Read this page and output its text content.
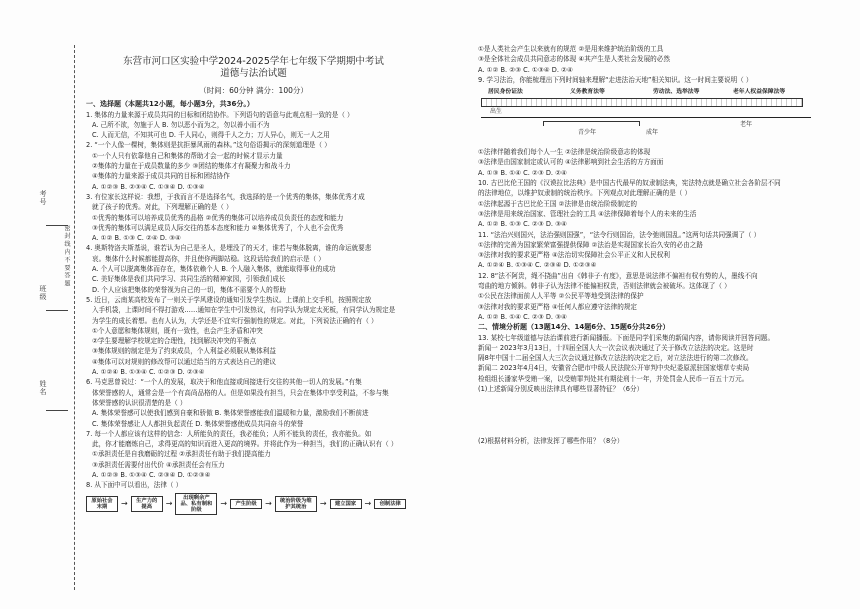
考号
班级
姓名
密 封 线 内 不 要 答 题
东营市河口区实验中学2024-2025学年七年级下学期期中考试
道德与法治试题
（时间：60分钟 满分：100分）
一、选择题（本题共12小题，每小题3分，共36分。）
1. 集体的力量来源于成员共同的目标和团结协作。下列语句的语意与此观点相一致的是（ ）
A. 己所不欲，勿施于人 B. 勿以恶小而为之，勿以善小而不为
C. 人而无信，不知其可也 D. 千人同心，则得千人之力；万人异心，则无一人之用
2. “一个人像一棵树，集体则是抗拒暴风雨的森林。”这句俗语揭示的深刻道理是（ ）
①一个人只有依靠他自己和集体的帮助才会一起的时候才显示力量
②集体的力量在于成员数量的多少 ③团结的集体才有凝聚力和战斗力
④集体的力量来源于成员共同的目标和团结协作
A. ①②③ B. ②③④ C. ①③④ D. ①③④
3. 有位家长这样说：我想，于我而言不是选择名气，我选择的是一个优秀的集体，集体优秀才成
就了孩子的优秀。对此，下列理解正确的是（ ）
①优秀的集体可以培养成员优秀的品格 ②优秀的集体可以培养成员负责任的态度和能力
③优秀的集体可以满足成员人际交往的基本态度和能力 ④集体优秀了，个人也不会优秀
A. ①② B. ①③ C. ②④ D. ③④
4. 奥斯特洛夫斯基说，谁若认为自己是圣人，是埋没了的天才，谁若与集体脱离，谁的命运就要悲
哀。集体什么时候都能提高你，并且使你两脚站稳。这段话给我们的启示是（ ）
A. 个人可以脱离集体而存在，集体依赖个人 B. 个人融入集体，就能取得事业的成功
C. 美好集体是我们共同学习、共同生活的精神家园，引领我们成长
D. 个人应该把集体的荣誉视为自己的一切，集体不需要个人的帮助
5. 近日，云南某高校发布了一则关于学风建设的通知引发学生热议。上课前上交手机，按照规定放
入手机袋，上课时间不得打游戏……通知在学生中引发热议，有同学认为规定太死板，有同学认为规定是
为学生的成长着想。也有人认为，大学还是不宜实行强制性的规定。对此，下列说法正确的有（ ）
①个人意愿和集体规则，既有一致性，也会产生矛盾和冲突
②学生要理解学校规定的合理性，找到解决冲突的平衡点
③集体规则的制定是为了约束成员，个人利益必须服从集体利益
④集体可以对规则的修改帮可以通过给当的方式表达自己的建议
A. ①②④ B. ①③④ C. ①②③ D. ②③④
6. 马克思曾说过：“一个人的发展，取决于和他直接或间接进行交往的其他一切人的发展。”有集
体荣誉感的人，通常会是一个有高尚品格的人。但是如果没有担当，只会在集体中享受利益，不参与集
体荣誉感的认识很清楚的是（ ）
A. 集体荣誉感可以使我们感到自豪和骄傲 B. 集体荣誉感能我们温暖和力量，激励我们不断前进
C. 集体荣誉感让人人都担负起责任 D. 集体荣誉感使成员共同奋斗的荣誉
7. 每一个人都应该有这样的信念：人所能负的责任，我必能负；人所不能负的责任，我亦能负。如
此，你才能磨炼自己，求得更高的知识而进入更高的境界。并将此作为一种担当，我们的正确认识有（ ）
①承担责任是自我磨砺的过程 ②承担责任有助于我们提高能力
③承担责任需要付出代价 ④承担责任会有压力
A. ①②③ B. ①③④ C. ②③④ D. ①②③④
8. 从下面中可以看出，法律（ ）
原始社会末期	→	生产力的提高	→
出现剩余产品、私有制和阶级
→	产生阶级	→	统治阶级为维护其统治	→	建立国家	→	创制法律
①是人类社会产生以来就有的规范 ②是用来维护统治阶级的工具
③是全体社会成员共同意志的体现 ④其产生是人类社会发展的必然
A. ①② B. ②③ C. ①③④ D. ②④
9. 学习法治，你能梳理出下列时间轴来理解“走进法治天地”相关知识。这一时间主要说明（ ）
居民身份证法	义务教育法等	劳动法、选举法等	老年人权益保障法等
出生
青少年	成年
老年
①法律伴随着我们每个人一生 ②法律是统治阶级意志的体现
③法律是由国家制定或认可的 ④法律影响到社会生活的方方面面
A. ①③ B. ①④ C. ②③ D. ②④
10. 古巴比伦王国的《汉谟拉比法典》是中国古代最早的奴隶制法典，宪法特点就是确立社会各阶层不同
的法律地位，以维护奴隶制的统治秩序。下列观点对此理解正确的是（ ）
①法律起源于古巴比伦王国 ②法律是由统治阶级制定的
③法律是用来统治国家、管理社会的工具 ④法律保障着每个人的未来的生活
A. ①② B. ①③ C. ②③ D. ③④
11. “法治兴则国兴，法治强则国强”，“法令行则国治，法令弛则国乱。”这两句话共同强调了（ ）
①法律的完善为国家繁荣富强提供保障 ②法治是实现国家长治久安的必由之路
③法律对我的要求更严格 ④法治切实保障社会公平正义和人民权利
A. ①②④ B. ①③④ C. ②③④ D. ①②③④
12. 8“法不阿贵，绳不挠曲”出自《韩非子·有度》，意思是说法律不偏袒有权有势的人，墨线不向
弯曲的地方倾斜。韩非子认为法律不能偏袒权贵，否则法律就会被破坏。这体现了（ ）
①公民在法律面前人人平等 ②公民平等地受到法律的保护
③法律对我的要求更严格 ④任何人都应遵守法律的规定
A. ①② B. ①④ C. ②③ D. ③④
二、情境分析题（13题14分、14题6分、15题6分共26分）
13. 某校七年级道德与法治课前进行新闻播报。下面是同学们采集的新闻内容，请你阅读并回答问题。
新闻一 2023年3月13日，十四届全国人大一次会议表决通过了关于修改立法法的决定。这是时
隔8年中国十二届全国人大三次会议通过修改立法法的决定之后，对立法法进行的第二次修改。
新闻二 2023年4月4日，安徽省合肥市中级人民法院公开审判中央纪委原派驻国家烟草专卖局
检组组长潘家华受贿一案，以受贿罪判处其有期徒刑十一年，并处罚金人民币一百五十万元。
(1)上述新闻分别反映出法律具有哪些显著特征？（6分）
(2)根据材料分析，法律发挥了哪些作用？（8分）
